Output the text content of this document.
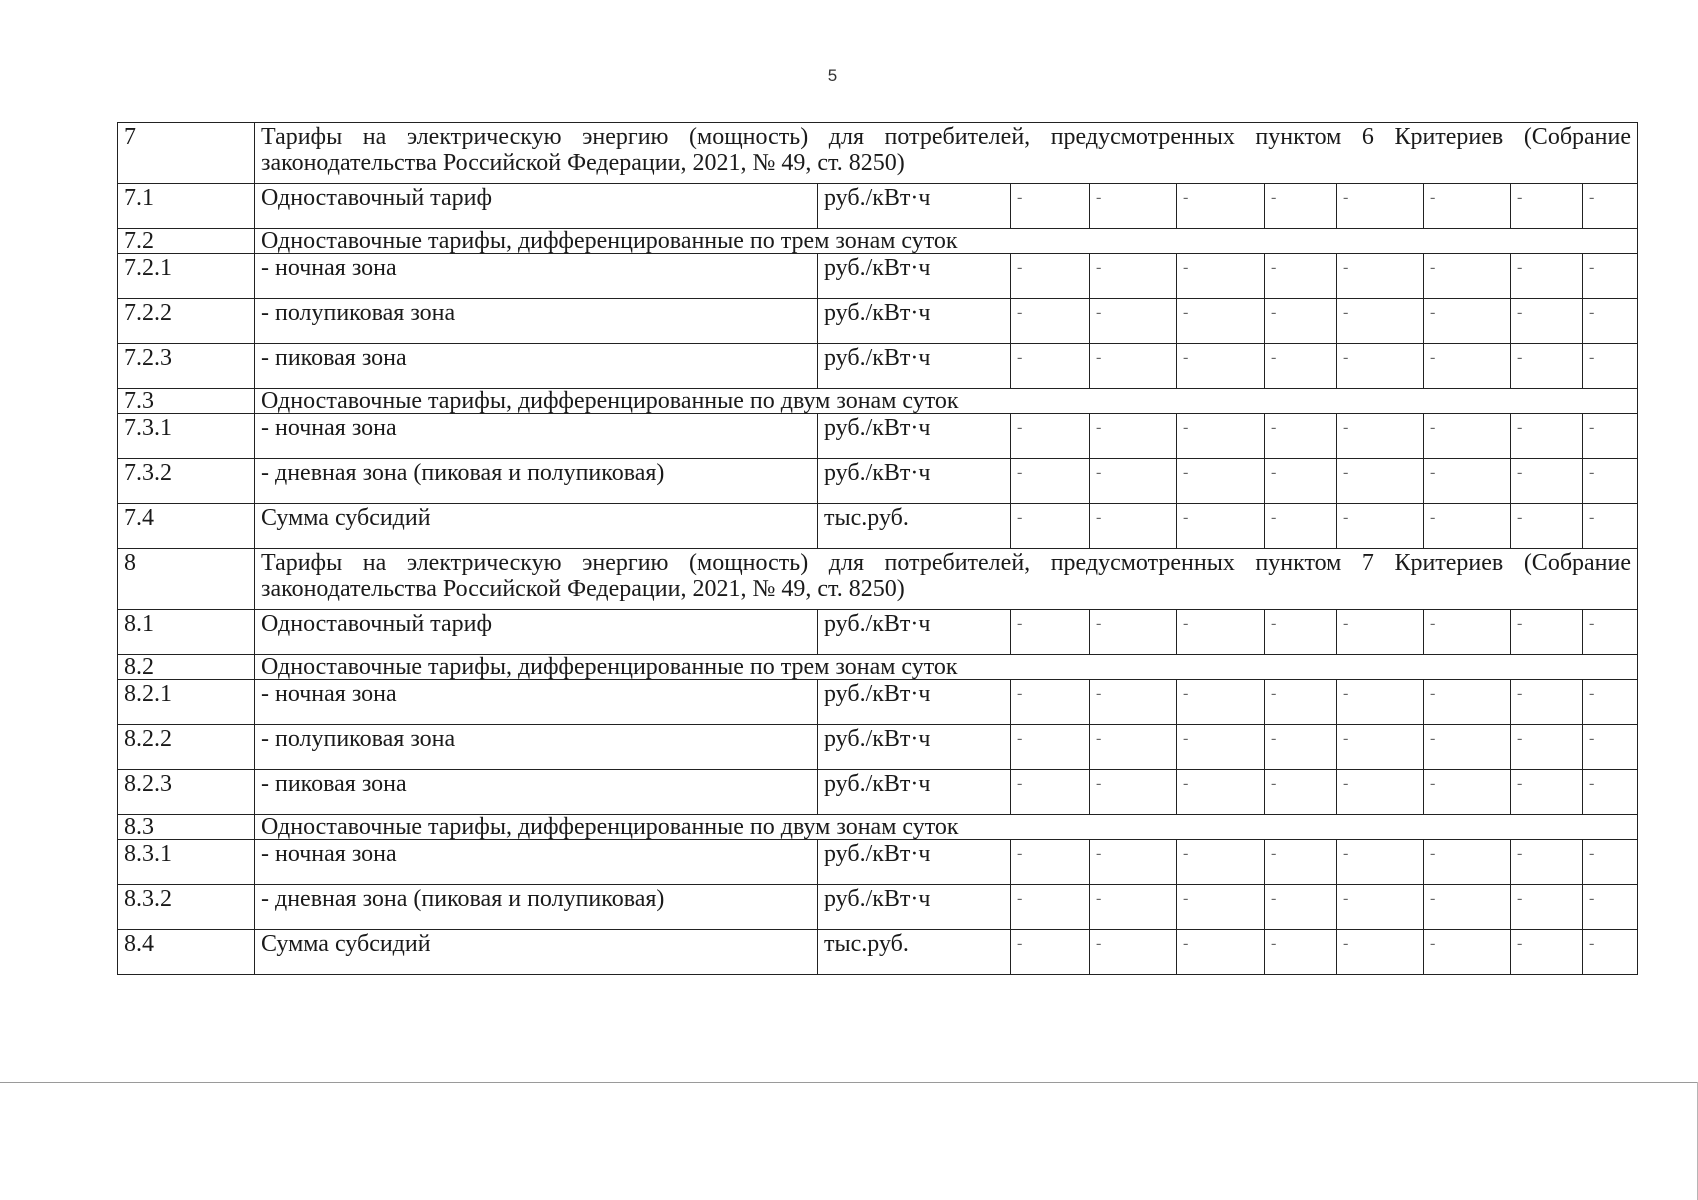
5
7	Тарифы на электрическую энергию (мощность) для потребителей, предусмотренных пунктом 6 Критериев (Собрание законодательства Российской Федерации, 2021, № 49, ст. 8250)									
7.1	Одноставочный тариф	руб./кВт·ч	-	-	-	-	-	-	-	-
7.2	Одноставочные тарифы, дифференцированные по трем зонам суток									
7.2.1	- ночная зона	руб./кВт·ч	-	-	-	-	-	-	-	-
7.2.2	- полупиковая зона	руб./кВт·ч	-	-	-	-	-	-	-	-
7.2.3	- пиковая зона	руб./кВт·ч	-	-	-	-	-	-	-	-
7.3	Одноставочные тарифы, дифференцированные по двум зонам суток									
7.3.1	- ночная зона	руб./кВт·ч	-	-	-	-	-	-	-	-
7.3.2	- дневная зона (пиковая и полупиковая)	руб./кВт·ч	-	-	-	-	-	-	-	-
7.4	Сумма субсидий	тыс.руб.	-	-	-	-	-	-	-	-
8	Тарифы на электрическую энергию (мощность) для потребителей, предусмотренных пунктом 7 Критериев (Собрание законодательства Российской Федерации, 2021, № 49, ст. 8250)									
8.1	Одноставочный тариф	руб./кВт·ч	-	-	-	-	-	-	-	-
8.2	Одноставочные тарифы, дифференцированные по трем зонам суток									
8.2.1	- ночная зона	руб./кВт·ч	-	-	-	-	-	-	-	-
8.2.2	- полупиковая зона	руб./кВт·ч	-	-	-	-	-	-	-	-
8.2.3	- пиковая зона	руб./кВт·ч	-	-	-	-	-	-	-	-
8.3	Одноставочные тарифы, дифференцированные по двум зонам суток									
8.3.1	- ночная зона	руб./кВт·ч	-	-	-	-	-	-	-	-
8.3.2	- дневная зона (пиковая и полупиковая)	руб./кВт·ч	-	-	-	-	-	-	-	-
8.4	Сумма субсидий	тыс.руб.	-	-	-	-	-	-	-	-
